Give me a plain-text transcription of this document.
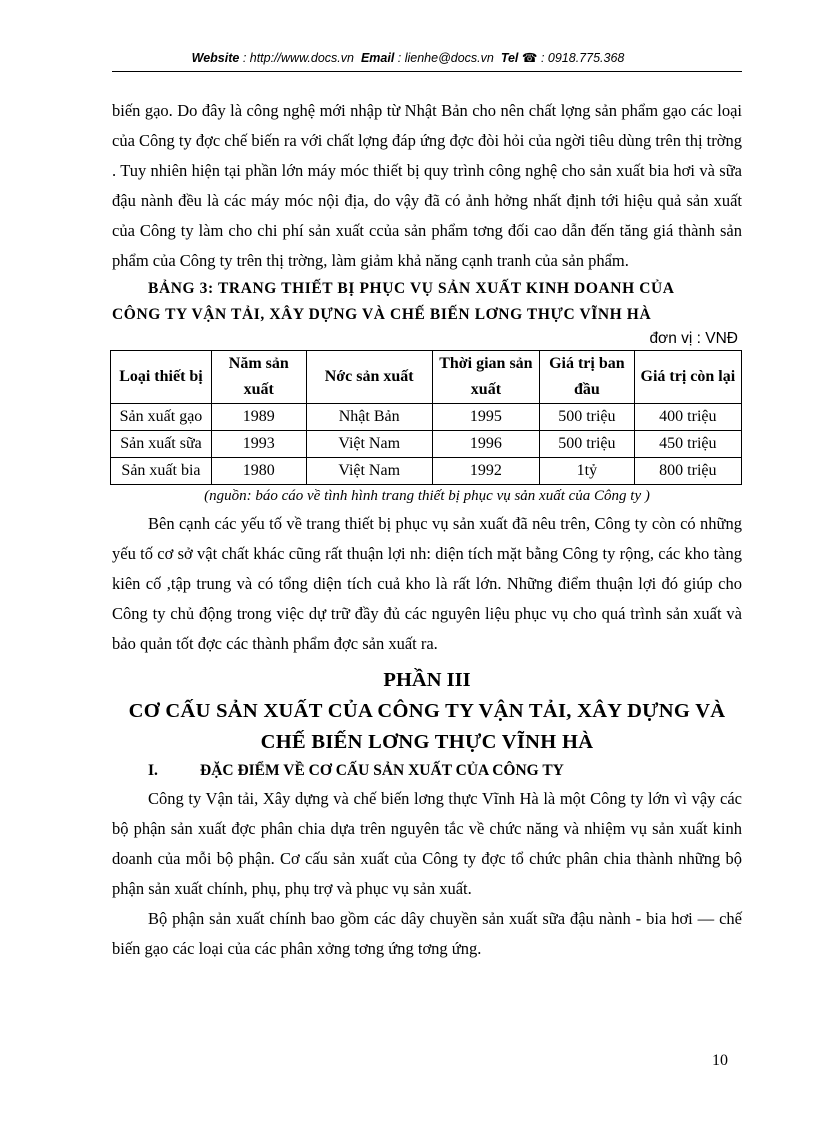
Website : http://www.docs.vn Email : lienhe@docs.vn Tel ☎ : 0918.775.368

biến gạo. Do đây là công nghệ mới nhập từ Nhật Bản cho nên chất lợng sản phẩm gạo các loại của Công ty đợc chế biến ra với chất lợng đáp ứng đợc đòi hỏi của ngời tiêu dùng trên thị trờng . Tuy nhiên hiện tại phần lớn máy móc thiết bị quy trình công nghệ cho sản xuất bia hơi và sữa đậu nành đều là các máy móc nội địa, do vậy đã có ảnh hởng nhất định tới hiệu quả sản xuất của Công ty làm cho chi phí sản xuất ccủa sản phẩm tơng đối cao dẫn đến tăng giá thành sản phẩm của Công ty trên thị trờng, làm giảm khả năng cạnh tranh của sản phẩm.

BẢNG 3: TRANG THIẾT BỊ PHỤC VỤ SẢN XUẤT KINH DOANH CỦA

CÔNG TY VẬN TẢI, XÂY DỰNG VÀ CHẾ BIẾN LƠNG THỰC VĨNH HÀ

đơn vị : VNĐ

Loại thiết bị	Năm sản xuất	Nớc sản xuất	Thời gian sản xuất	Giá trị ban đầu	Giá trị còn lại
Sản xuất gạo	1989	Nhật Bản	1995	500 triệu	400 triệu
Sản xuất sữa	1993	Việt Nam	1996	500 triệu	450 triệu
Sản xuất bia	1980	Việt Nam	1992	1tỷ	800 triệu

(nguồn: báo cáo về tình hình trang thiết bị phục vụ sản xuất của Công ty )

Bên cạnh các yếu tố về trang thiết bị phục vụ sản xuất đã nêu trên, Công ty còn có những yếu tố cơ sở vật chất khác cũng rất thuận lợi nh: diện tích mặt bằng Công ty rộng, các kho tàng kiên cố ,tập trung và có tổng diện tích cuả kho là rất lớn. Những điểm thuận lợi đó giúp cho Công ty chủ động trong việc dự trữ đầy đủ các nguyên liệu phục vụ cho quá trình sản xuất và bảo quản tốt đợc các thành phẩm đợc sản xuất ra.

PHẦN III

CƠ CẤU SẢN XUẤT CỦA CÔNG TY VẬN TẢI, XÂY DỰNG VÀ

CHẾ BIẾN LƠNG THỰC VĨNH HÀ

I.	ĐẶC ĐIỂM VỀ CƠ CẤU SẢN XUẤT CỦA CÔNG TY

Công ty Vận tải, Xây dựng và chế biến lơng thực Vĩnh Hà là một Công ty lớn vì vậy các bộ phận sản xuất đợc phân chia dựa trên nguyên tắc về chức năng và nhiệm vụ sản xuất kinh doanh của mỗi bộ phận. Cơ cấu sản xuất của Công ty đợc tổ chức phân chia thành những bộ phận sản xuất chính, phụ, phụ trợ và phục vụ sản xuất.

Bộ phận sản xuất chính bao gồm các dây chuyền sản xuất sữa đậu nành - bia hơi — chế biến gạo các loại của các phân xởng tơng ứng tơng ứng.

10
